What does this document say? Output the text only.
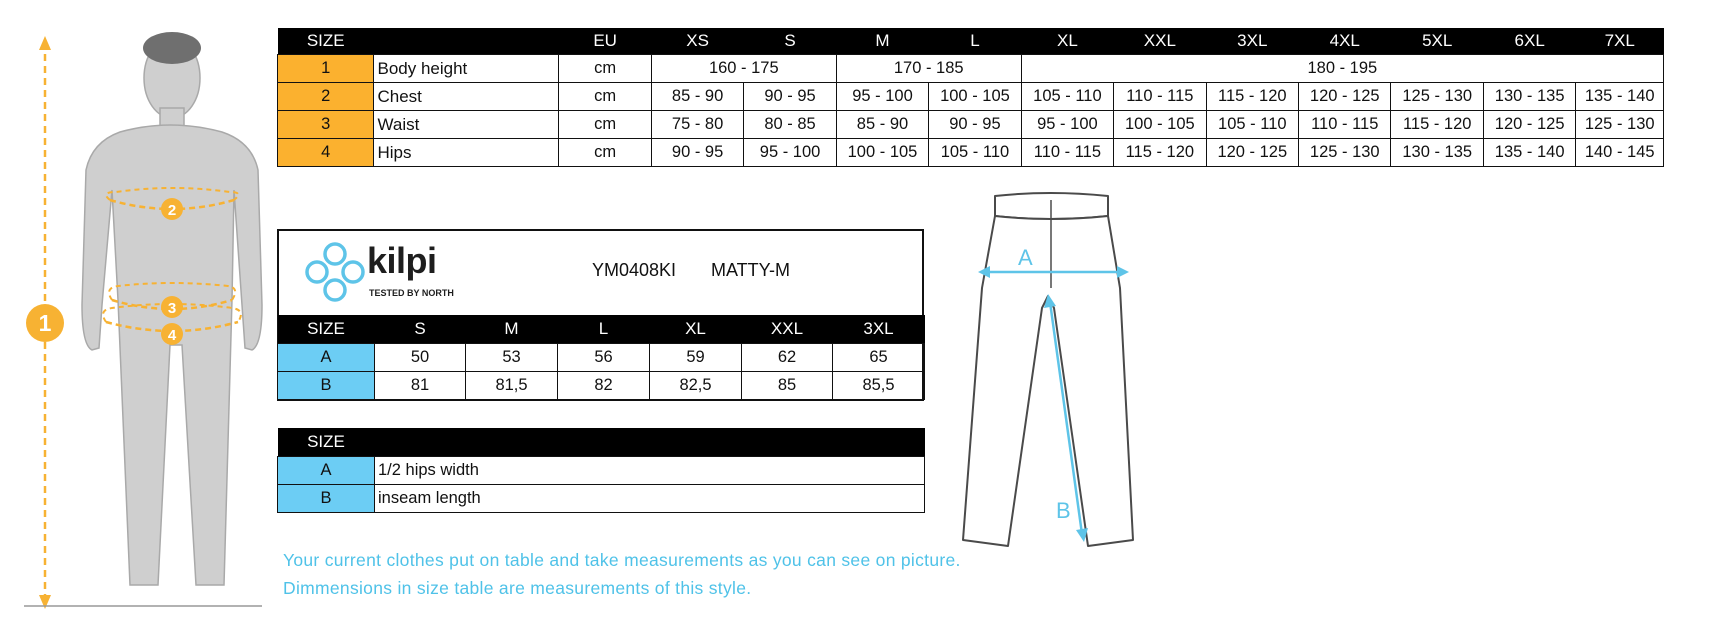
1
2
3
4
SIZE		EU	XS	S	M	L	XL	XXL	3XL	4XL	5XL	6XL	7XL
1	Body height	cm	160 - 175		170 - 185		180 - 195						
2	Chest	cm	85 - 90	90 - 95	95 - 100	100 - 105	105 - 110	110 - 115	115 - 120	120 - 125	125 - 130	130 - 135	135 - 140
3	Waist	cm	75 - 80	80 - 85	85 - 90	90 - 95	95 - 100	100 - 105	105 - 110	110 - 115	115 - 120	120 - 125	125 - 130
4	Hips	cm	90 - 95	95 - 100	100 - 105	105 - 110	110 - 115	115 - 120	120 - 125	125 - 130	130 - 135	135 - 140	140 - 145
kilpi
TESTED BY NORTH
YM0408KI MATTY-M
SIZE	S	M	L	XL	XXL	3XL
A	50	53	56	59	62	65
B	81	81,5	82	82,5	85	85,5
SIZE	
A	1/2 hips width
B	inseam length
A
B
Your current clothes put on table and take measurements as you can see on picture.
Dimmensions in size table are measurements of this style.
